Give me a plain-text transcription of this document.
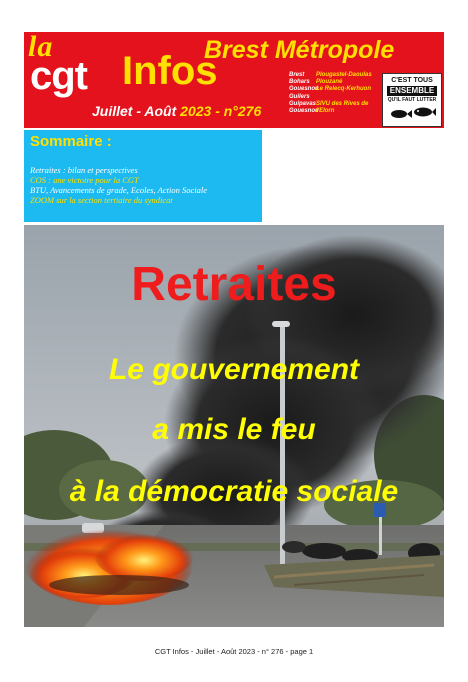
la
cgt Infos
Juillet - Août 2023 - n°276
Brest Métropole
Brest	Plougastel-Daoulas
Bohars	Plouzané
Gouesnou
Le Relecq-Kerhuon
Guilers
Guipavas SIVU des Rives de
Gouesnou
l'Elorn
C'EST TOUS
ENSEMBLE
QU'IL FAUT LUTTER
Sommaire :
Retraites : bilan et perspectives
COS : une victoire pour la CGT
BTU, Avancements de grade, Ecoles, Action Sociale
ZOOM sur la section tertiaire du syndicat
Retraites
Le gouvernement
a mis le feu
à la démocratie sociale
CGT Infos - Juillet - Août 2023 - n° 276 - page 1
